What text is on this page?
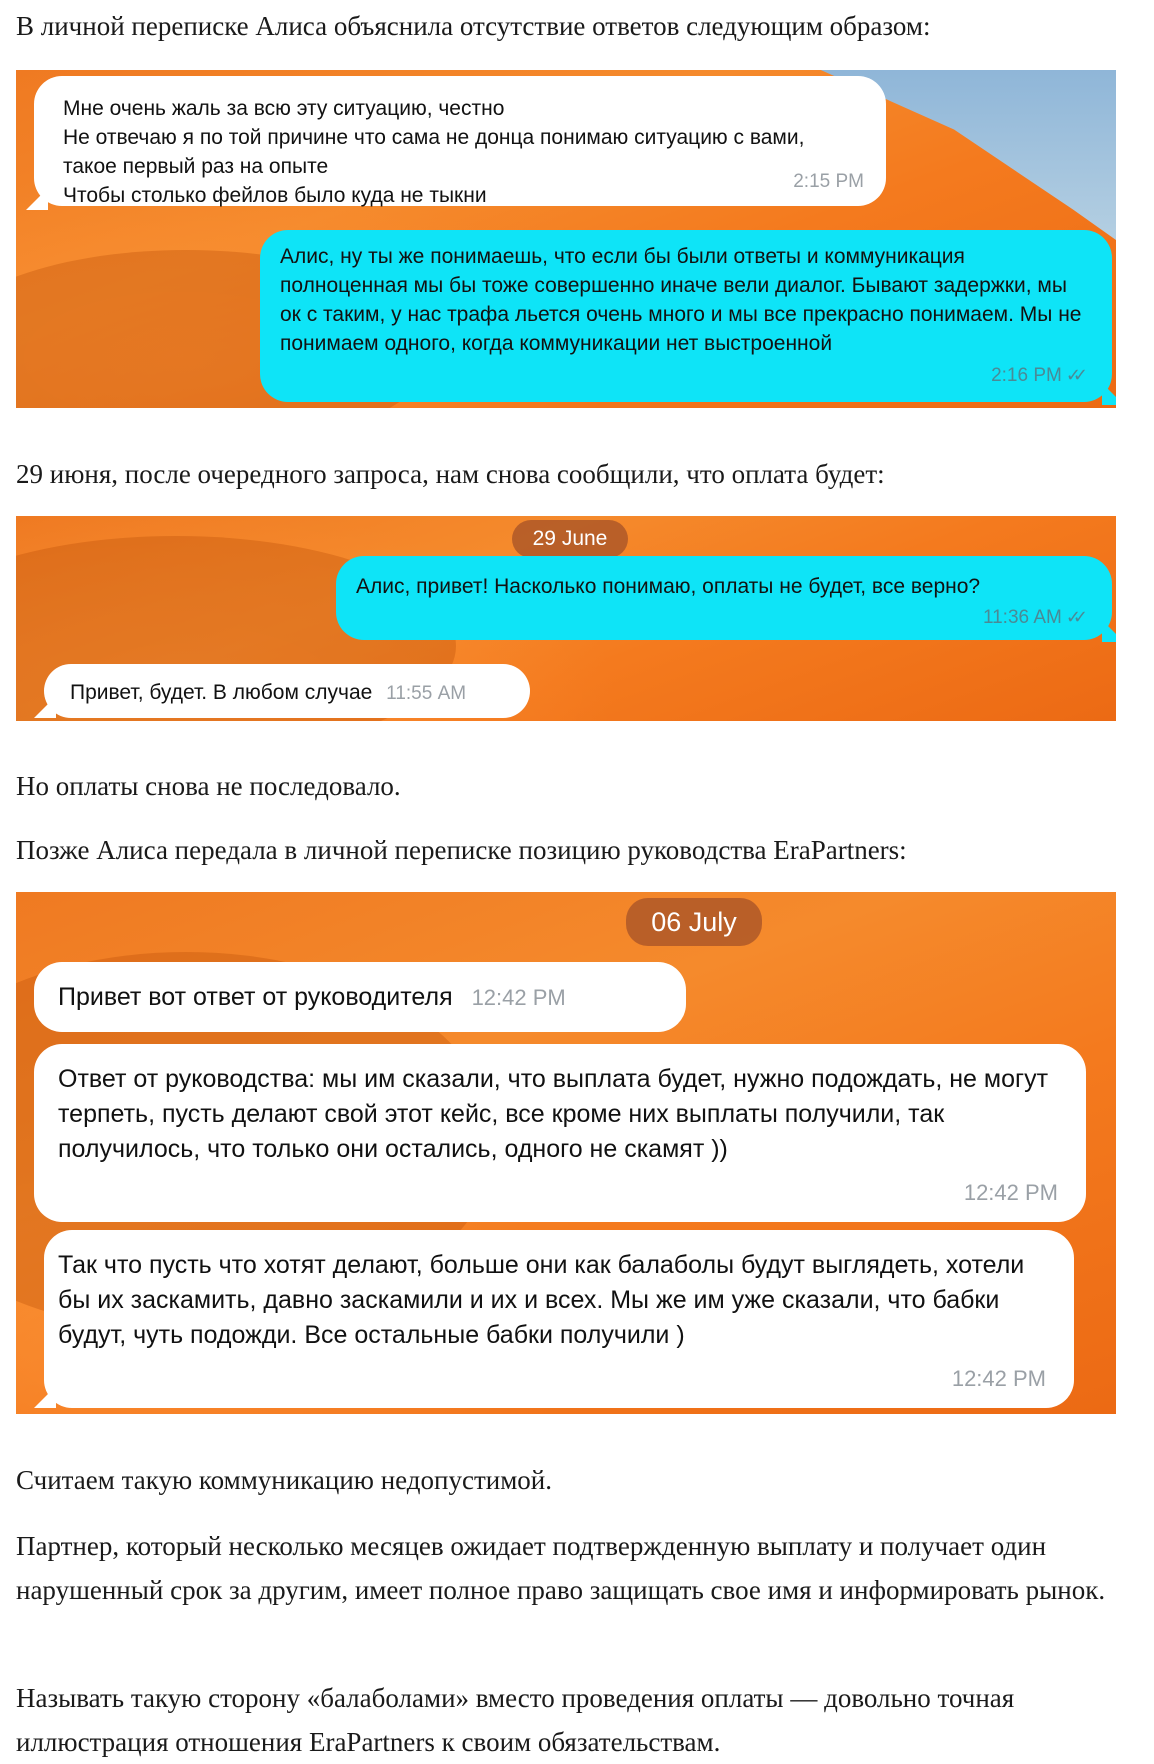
В личной переписке Алиса объяснила отсутствие ответов следующим образом:

Мне очень жаль за всю эту ситуацию, честно
Не отвечаю я по той причине что сама не донца понимаю ситуацию с вами, такое первый раз на опыте
Чтобы столько фейлов было куда не тыкни
2:15 PM
Алис, ну ты же понимаешь, что если бы были ответы и коммуникация полноценная мы бы тоже совершенно иначе вели диалог. Бывают задержки, мы ок с таким, у нас трафа льется очень много и мы все прекрасно понимаем. Мы не понимаем одного, когда коммуникации нет выстроенной
2:16 PM ✓✓

29 июня, после очередного запроса, нам снова сообщили, что оплата будет:

29 June
Алис, привет! Насколько понимаю, оплаты не будет, все верно?
11:36 AM ✓✓
Привет, будет. В любом случае 11:55 AM

Но оплаты снова не последовало.

Позже Алиса передала в личной переписке позицию руководства EraPartners:

06 July
Привет вот ответ от руководителя 12:42 PM
Ответ от руководства: мы им сказали, что выплата будет, нужно подождать, не могут терпеть, пусть делают свой этот кейс, все кроме них выплаты получили, так получилось, что только они остались, одного не скамят ))
12:42 PM
Так что пусть что хотят делают, больше они как балаболы будут выглядеть, хотели бы их заскамить, давно заскамили и их и всех. Мы же им уже сказали, что бабки будут, чуть подожди. Все остальные бабки получили )
12:42 PM

Считаем такую коммуникацию недопустимой.

Партнер, который несколько месяцев ожидает подтвержденную выплату и получает один нарушенный срок за другим, имеет полное право защищать свое имя и информировать рынок.

Называть такую сторону «балаболами» вместо проведения оплаты — довольно точная иллюстрация отношения EraPartners к своим обязательствам.
